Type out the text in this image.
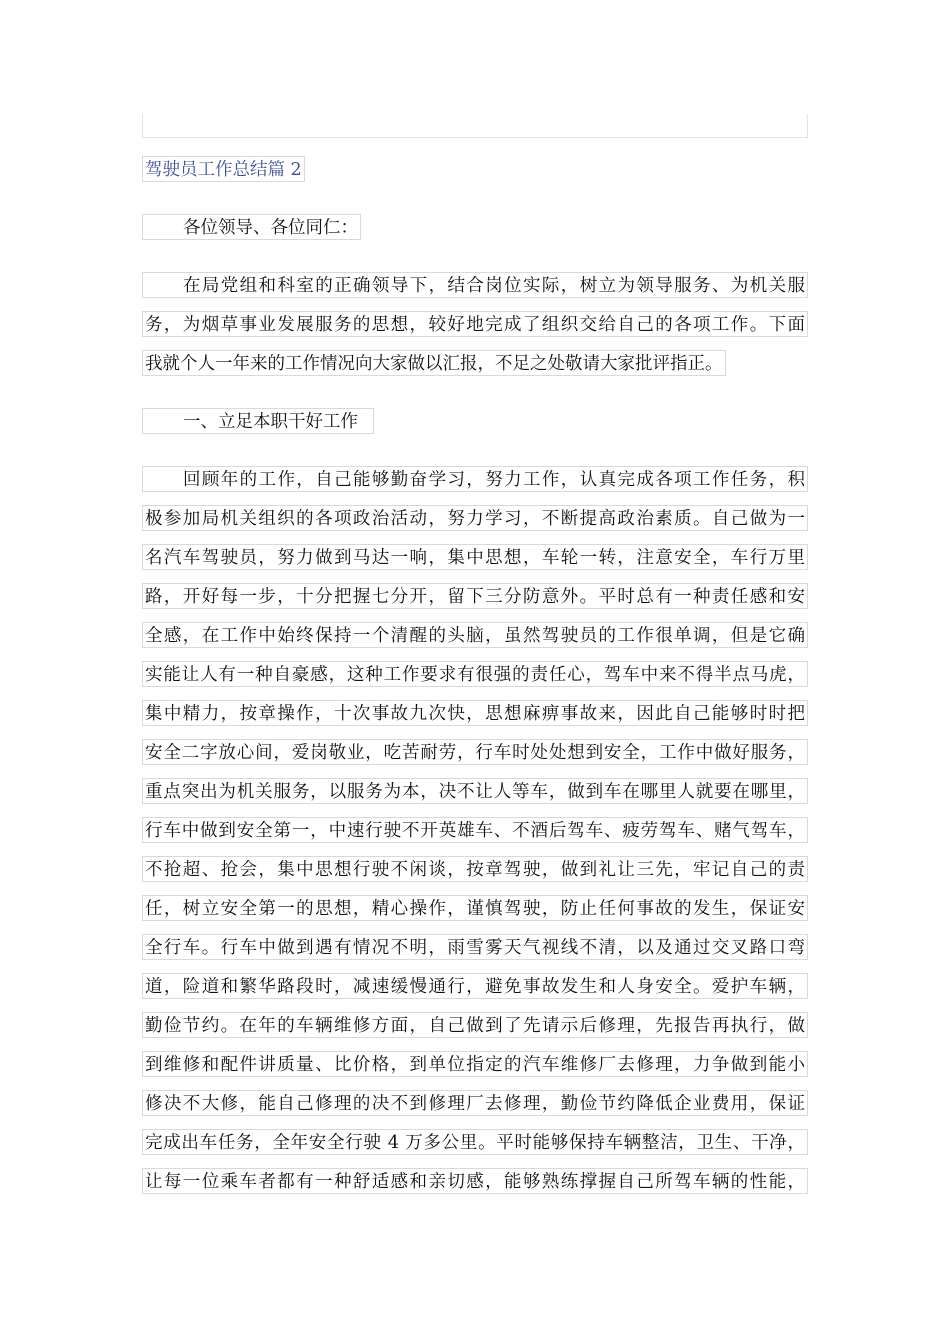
驾驶员工作总结篇 2
各位领导、各位同仁：
在局党组和科室的正确领导下，结合岗位实际，树立为领导服务、为机关服
务，为烟草事业发展服务的思想，较好地完成了组织交给自己的各项工作。下面
我就个人一年来的工作情况向大家做以汇报，不足之处敬请大家批评指正。
一、立足本职干好工作
回顾年的工作，自己能够勤奋学习，努力工作，认真完成各项工作任务，积
极参加局机关组织的各项政治活动，努力学习，不断提高政治素质。自己做为一
名汽车驾驶员，努力做到马达一响，集中思想，车轮一转，注意安全，车行万里
路，开好每一步，十分把握七分开，留下三分防意外。平时总有一种责任感和安
全感，在工作中始终保持一个清醒的头脑，虽然驾驶员的工作很单调，但是它确
实能让人有一种自豪感，这种工作要求有很强的责任心，驾车中来不得半点马虎，
集中精力，按章操作，十次事故九次快，思想麻痹事故来，因此自己能够时时把
安全二字放心间，爱岗敬业，吃苦耐劳，行车时处处想到安全，工作中做好服务，
重点突出为机关服务，以服务为本，决不让人等车，做到车在哪里人就要在哪里，
行车中做到安全第一，中速行驶不开英雄车、不酒后驾车、疲劳驾车、赌气驾车，
不抢超、抢会，集中思想行驶不闲谈，按章驾驶，做到礼让三先，牢记自己的责
任，树立安全第一的思想，精心操作，谨慎驾驶，防止任何事故的发生，保证安
全行车。行车中做到遇有情况不明，雨雪雾天气视线不清，以及通过交叉路口弯
道，险道和繁华路段时，减速缓慢通行，避免事故发生和人身安全。爱护车辆，
勤俭节约。在年的车辆维修方面，自己做到了先请示后修理，先报告再执行，做
到维修和配件讲质量、比价格，到单位指定的汽车维修厂去修理，力争做到能小
修决不大修，能自己修理的决不到修理厂去修理，勤俭节约降低企业费用，保证
完成出车任务，全年安全行驶 4 万多公里。平时能够保持车辆整洁，卫生、干净，
让每一位乘车者都有一种舒适感和亲切感，能够熟练撑握自己所驾车辆的性能，
